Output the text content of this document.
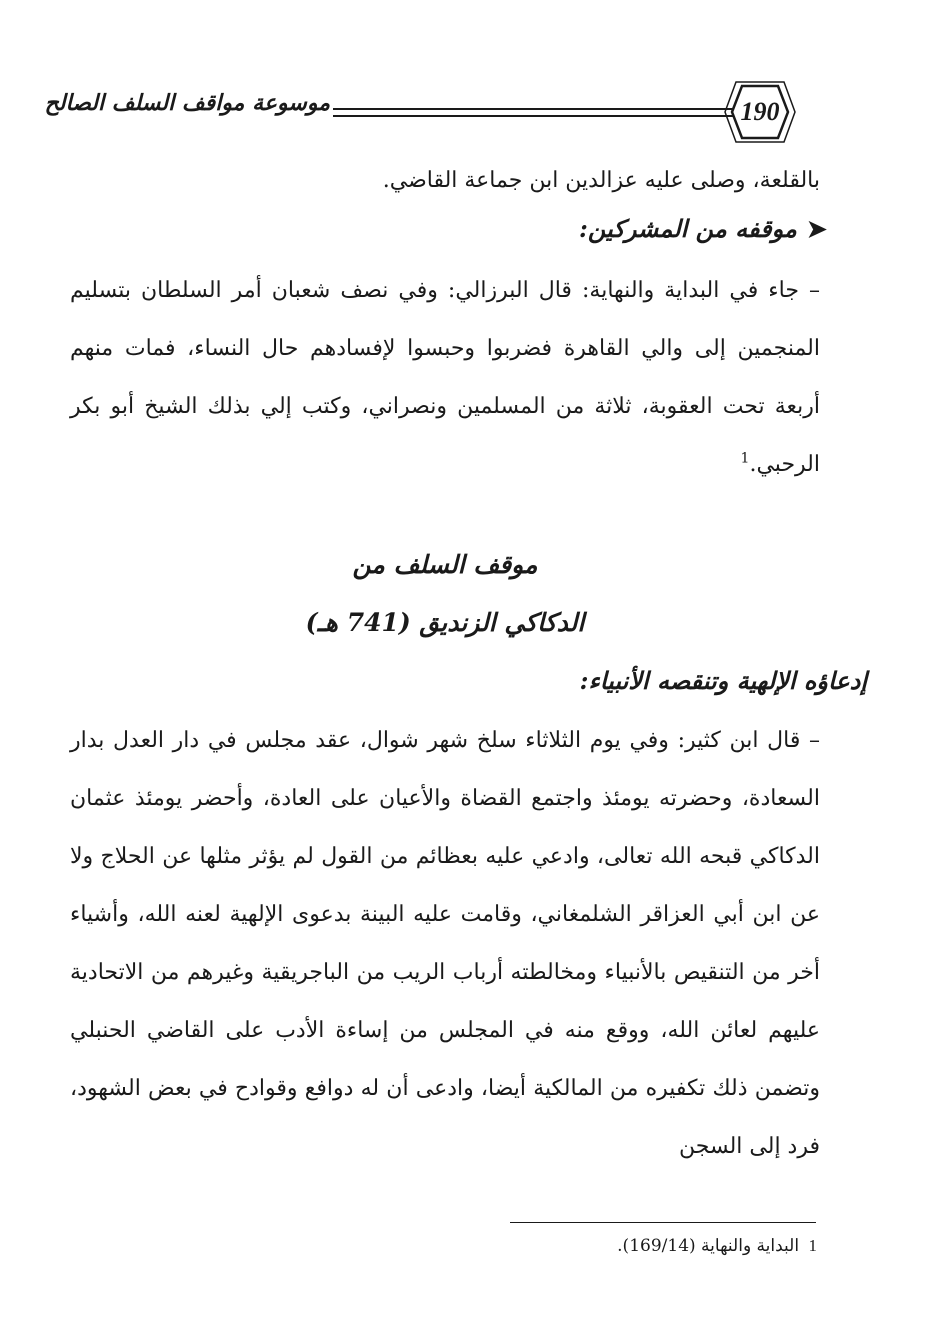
موسوعة مواقف السلف الصالح	190

بالقلعة، وصلى عليه عزالدين ابن جماعة القاضي.

➤موقفه من المشركين:

– جاء في البداية والنهاية: قال البرزالي: وفي نصف شعبان أمر السلطان بتسليم المنجمين إلى والي القاهرة فضربوا وحبسوا لإفسادهم حال النساء، فمات منهم أربعة تحت العقوبة، ثلاثة من المسلمين ونصراني، وكتب إلي بذلك الشيخ أبو بكر الرحبي.$^1$

موقف السلف من
الدكاكي الزنديق (741 هـ)
إدعاؤه الإلهية وتنقصه الأنبياء:

– قال ابن كثير: وفي يوم الثلاثاء سلخ شهر شوال، عقد مجلس في دار العدل بدار السعادة، وحضرته يومئذ واجتمع القضاة والأعيان على العادة، وأحضر يومئذ عثمان الدكاكي قبحه الله تعالى، وادعي عليه بعظائم من القول لم يؤثر مثلها عن الحلاج ولا عن ابن أبي العزاقر الشلمغاني، وقامت عليه البينة بدعوى الإلهية لعنه الله، وأشياء أخر من التنقيص بالأنبياء ومخالطته أرباب الريب من الباجريقية وغيرهم من الاتحادية عليهم لعائن الله، ووقع منه في المجلس من إساءة الأدب على القاضي الحنبلي وتضمن ذلك تكفيره من المالكية أيضا، وادعى أن له دوافع وقوادح في بعض الشهود، فرد إلى السجن

1 البداية والنهاية (169/14).
